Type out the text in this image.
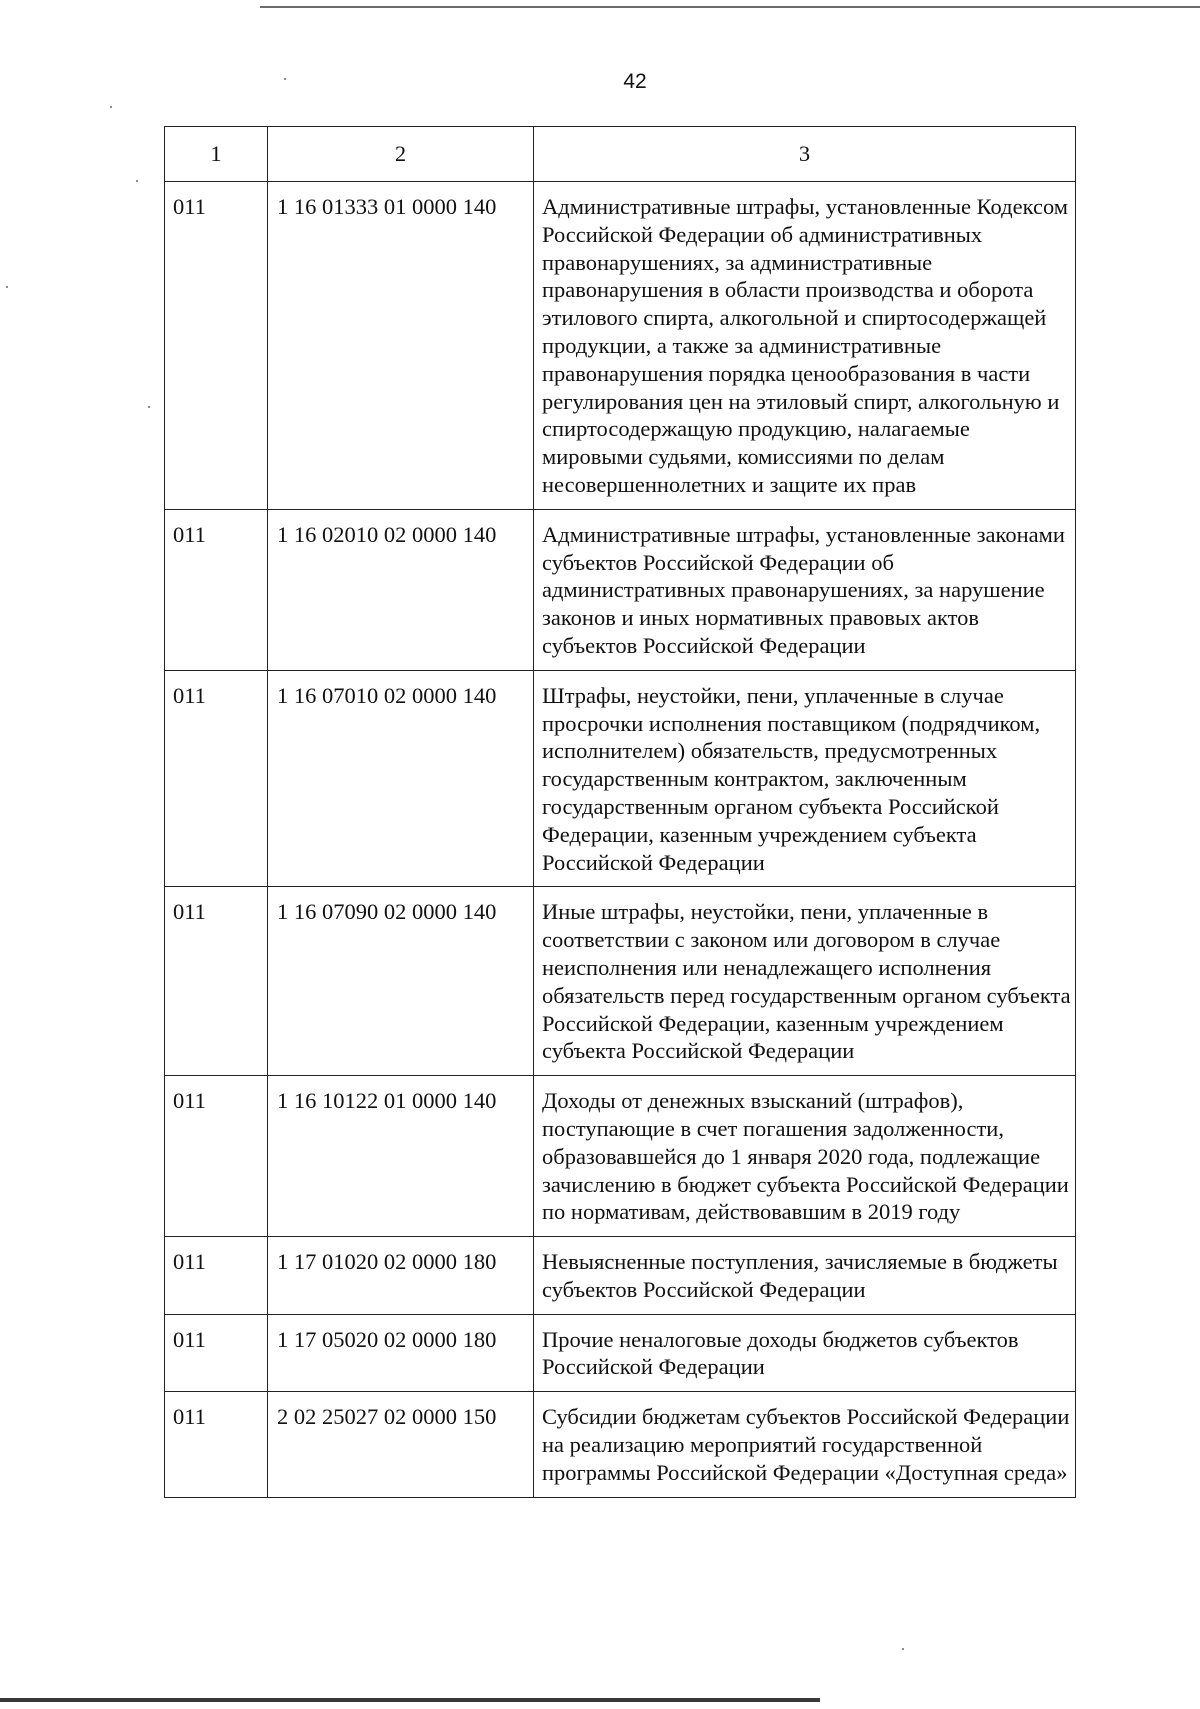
42
1	2	3
011	1 16 01333 01 0000 140	Административные штрафы, установленные Кодексом Российской Федерации об административных правонарушениях, за административные правонарушения в области производства и оборота этилового спирта, алкогольной и спиртосодержащей продукции, а также за административные правонарушения порядка ценообразования в части регулирования цен на этиловый спирт, алкогольную и спиртосодержащую продукцию, налагаемые мировыми судьями, комиссиями по делам несовершеннолетних и защите их прав
011	1 16 02010 02 0000 140	Административные штрафы, установленные законами субъектов Российской Федерации об административных правонарушениях, за нарушение законов и иных нормативных правовых актов субъектов Российской Федерации
011	1 16 07010 02 0000 140	Штрафы, неустойки, пени, уплаченные в случае просрочки исполнения поставщиком (подрядчиком, исполнителем) обязательств, предусмотренных государственным контрактом, заключенным государственным органом субъекта Российской Федерации, казенным учреждением субъекта Российской Федерации
011	1 16 07090 02 0000 140	Иные штрафы, неустойки, пени, уплаченные в соответствии с законом или договором в случае неисполнения или ненадлежащего исполнения обязательств перед государственным органом субъекта Российской Федерации, казенным учреждением субъекта Российской Федерации
011	1 16 10122 01 0000 140	Доходы от денежных взысканий (штрафов), поступающие в счет погашения задолженности, образовавшейся до 1 января 2020 года, подлежащие зачислению в бюджет субъекта Российской Федерации по нормативам, действовавшим в 2019 году
011	1 17 01020 02 0000 180	Невыясненные поступления, зачисляемые в бюджеты субъектов Российской Федерации
011	1 17 05020 02 0000 180	Прочие неналоговые доходы бюджетов субъектов Российской Федерации
011	2 02 25027 02 0000 150	Субсидии бюджетам субъектов Российской Федерации на реализацию мероприятий государственной программы Российской Федерации «Доступная среда»
